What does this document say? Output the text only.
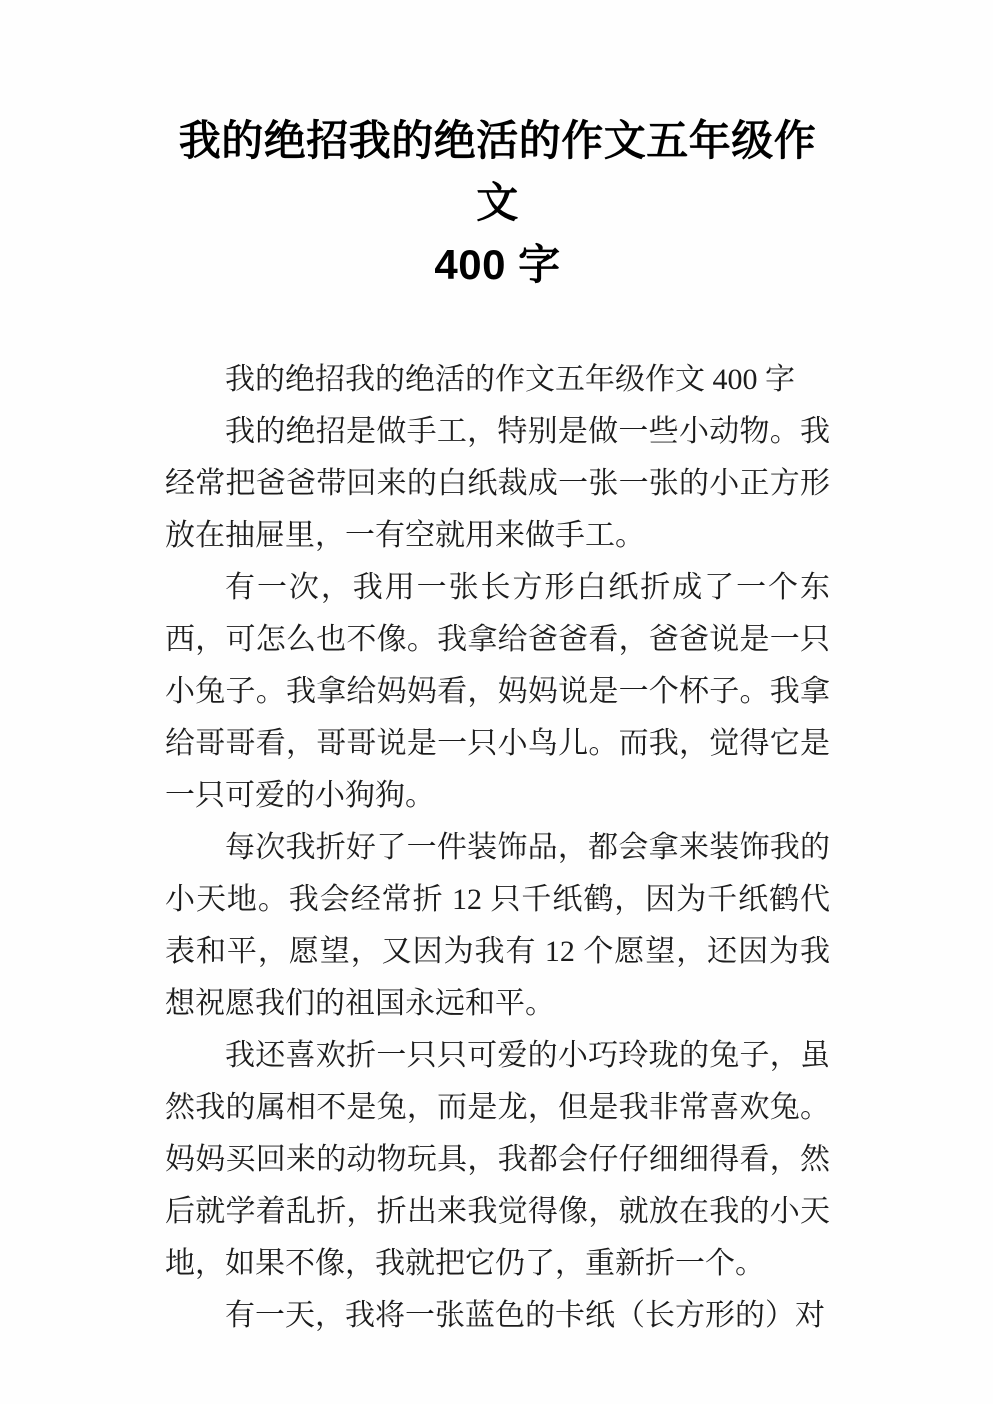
我的绝招我的绝活的作文五年级作文
400 字

我的绝招我的绝活的作文五年级作文 400 字

我的绝招是做手工，特别是做一些小动物。我经常把爸爸带回来的白纸裁成一张一张的小正方形放在抽屉里，一有空就用来做手工。

有一次，我用一张长方形白纸折成了一个东西，可怎么也不像。我拿给爸爸看，爸爸说是一只小兔子。我拿给妈妈看，妈妈说是一个杯子。我拿给哥哥看，哥哥说是一只小鸟儿。而我，觉得它是一只可爱的小狗狗。

每次我折好了一件装饰品，都会拿来装饰我的小天地。我会经常折 12 只千纸鹤，因为千纸鹤代表和平，愿望，又因为我有 12 个愿望，还因为我想祝愿我们的祖国永远和平。

我还喜欢折一只只可爱的小巧玲珑的兔子，虽然我的属相不是兔，而是龙，但是我非常喜欢兔。妈妈买回来的动物玩具，我都会仔仔细细得看，然后就学着乱折，折出来我觉得像，就放在我的小天地，如果不像，我就把它仍了，重新折一个。

有一天，我将一张蓝色的卡纸（长方形的）对
